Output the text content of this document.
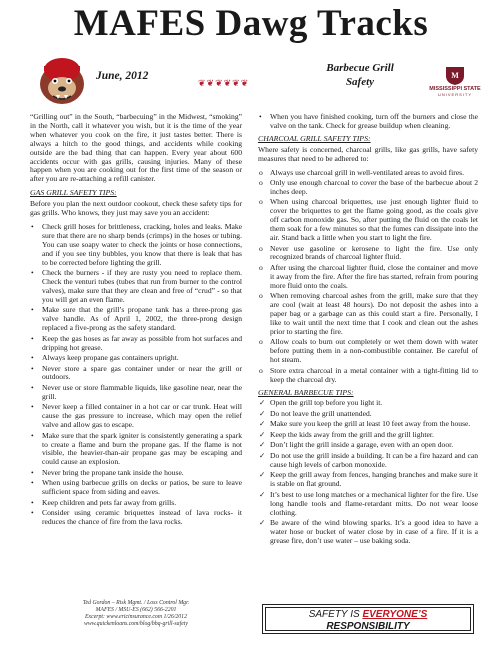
MAFES Dawg Tracks
June, 2012
❦❦❦❦❦❦
Barbecue Grill
Safety
M
MISSISSIPPI STATE
UNIVERSITY

“Grilling out” in the South, “barbecuing” in the Midwest, “smoking” in the North, call it whatever you wish, but it is the time of the year when whatever you cook on the fire, it just tastes better. There is always a hitch to the good things, and accidents while cooking outside are the bad thing that can happen. Every year about 600 accidents occur with gas grills, causing injuries. Many of these happen when you are cooking out for the first time of the season or after you are re-attaching a refill canister.

GAS GRILL SAFETY TIPS:

Before you plan the next outdoor cookout, check these safety tips for gas grills. Who knows, they just may save you an accident:

• Check grill hoses for brittleness, cracking, holes and leaks. Make sure that there are no sharp bends (crimps) in the hoses or tubing. You can use soapy water to check the joints or hose connections, and if you see tiny bubbles, you know that there is leak that has to be corrected before lighting the grill.
• Check the burners - if they are rusty you need to replace them. Check the venturi tubes (tubes that run from burner to the control valves), make sure that they are clean and free of “crud” - so that you will get an even flame.
• Make sure that the grill’s propane tank has a three-prong gas valve handle. As of April 1, 2002, the three-prong design replaced a five-prong as the safety standard.
• Keep the gas hoses as far away as possible from hot surfaces and dripping hot grease.
• Always keep propane gas containers upright.
• Never store a spare gas container under or near the grill or outdoors.
• Never use or store flammable liquids, like gasoline near, near the grill.
• Never keep a filled container in a hot car or car trunk. Heat will cause the gas pressure to increase, which may open the relief valve and allow gas to escape.
• Make sure that the spark igniter is consistently generating a spark to create a flame and burn the propane gas. If the flame is not visible, the heavier-than-air propane gas may be escaping and could cause an explosion.
• Never bring the propane tank inside the house.
• When using barbecue grills on decks or patios, be sure to leave sufficient space from siding and eaves.
• Keep children and pets far away from grills.
• Consider using ceramic briquettes instead of lava rocks- it reduces the chance of fire from the lava rocks.
• When you have finished cooking, turn off the burners and close the valve on the tank. Check for grease buildup when cleaning.
CHARCOAL GRILL SAFETY TIPS:

Where safety is concerned, charcoal grills, like gas grills, have safety measures that need to be adhered to:

o Always use charcoal grill in well-ventilated areas to avoid fires.
o Only use enough charcoal to cover the base of the barbecue about 2 inches deep.
o When using charcoal briquettes, use just enough lighter fluid to cover the briquettes to get the flame going good, as the coals give off carbon monoxide gas. So, after putting the fluid on the coals let them soak for a few minutes so that the fumes can dissipate into the air. Stand back a little when you start to light the fire.
o Never use gasoline or kerosene to light the fire. Use only recognized brands of charcoal lighter fluid.
o After using the charcoal lighter fluid, close the container and move it away from the fire. After the fire has started, refrain from pouring more fluid onto the coals.
o When removing charcoal ashes from the grill, make sure that they are cool (wait at least 48 hours). Do not deposit the ashes into a paper bag or a garbage can as this could start a fire. Personally, I like to wait until the next time that I cook and clean out the ashes prior to starting the fire.
o Allow coals to burn out completely or wet them down with water before putting them in a non-combustible container. Be careful of hot steam.
o Store extra charcoal in a metal container with a tight-fitting lid to keep the charcoal dry.
GENERAL BARBECUE TIPS:
✓ Open the grill top before you light it.
✓ Do not leave the grill unattended.
✓ Make sure you keep the grill at least 10 feet away from the house.
✓ Keep the kids away from the grill and the grill lighter.
✓ Don’t light the grill inside a garage, even with an open door.
✓ Do not use the grill inside a building. It can be a fire hazard and can cause high levels of carbon monoxide.
✓ Keep the grill away from fences, hanging branches and make sure it is stable on flat ground.
✓ It’s best to use long matches or a mechanical lighter for the fire. Use long handle tools and flame-retardant mitts. Do not wear loose clothing.
✓ Be aware of the wind blowing sparks. It’s a good idea to have a water hose or bucket of water close by in case of a fire. If it is a grease fire, don’t use water – use baking soda.
Ted Gordon – Risk Mgmt. / Loss Control Mgr.
MAFES / MSU-ES (662) 566-2201
Excerpt: www.ericinsurance.com 1/26/2012
www.quickenloans.com/blog/bbq-grill-safety
SAFETY IS EVERYONE’S
RESPONSIBILITY
